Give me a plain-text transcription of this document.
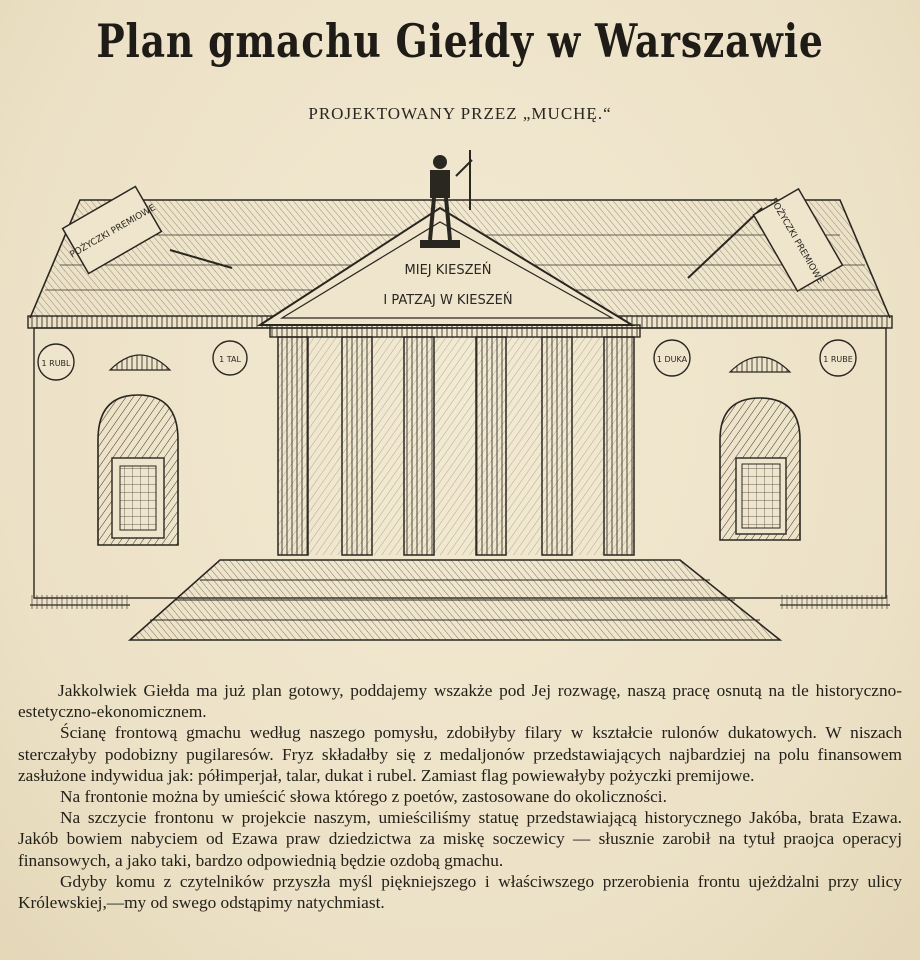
Plan gmachu Giełdy w Warszawie
PROJEKTOWANY PRZEZ „MUCHĘ.“
1 RUBL	1 TAL	1 DUKA	1 RUBE
MIEJ KIESZEŃ
I PATZAJ W KIESZEŃ
POŻYCZKI PREMIOWE	POŻYCZKI PREMIOWE

Jakkolwiek Giełda ma już plan gotowy, poddajemy wszakże pod Jej rozwagę, naszą pracę osnutą na tle historyczno-estetyczno-ekonomicznem.

Ścianę frontową gmachu według naszego pomysłu, zdobiłyby filary w kształcie rulonów dukatowych. W niszach sterczałyby podobizny pugilaresów. Fryz składałby się z medaljonów przedstawiających najbardziej na polu finansowem zasłużone indywidua jak: półimperjał, talar, dukat i rubel. Zamiast flag powiewałyby pożyczki premijowe.

Na frontonie można by umieścić słowa którego z poetów, zastosowane do okoliczności.

Na szczycie frontonu w projekcie naszym, umieściliśmy statuę przedstawiającą historycznego Jakóba, brata Ezawa. Jakób bowiem nabyciem od Ezawa praw dziedzictwa za miskę soczewicy — słusznie zarobił na tytuł praojca operacyj finansowych, a jako taki, bardzo odpowiednią będzie ozdobą gmachu.

Gdyby komu z czytelników przyszła myśl piękniejszego i właściwszego przerobienia frontu ujeżdżalni przy ulicy Królewskiej,—my od swego odstąpimy natychmiast.
